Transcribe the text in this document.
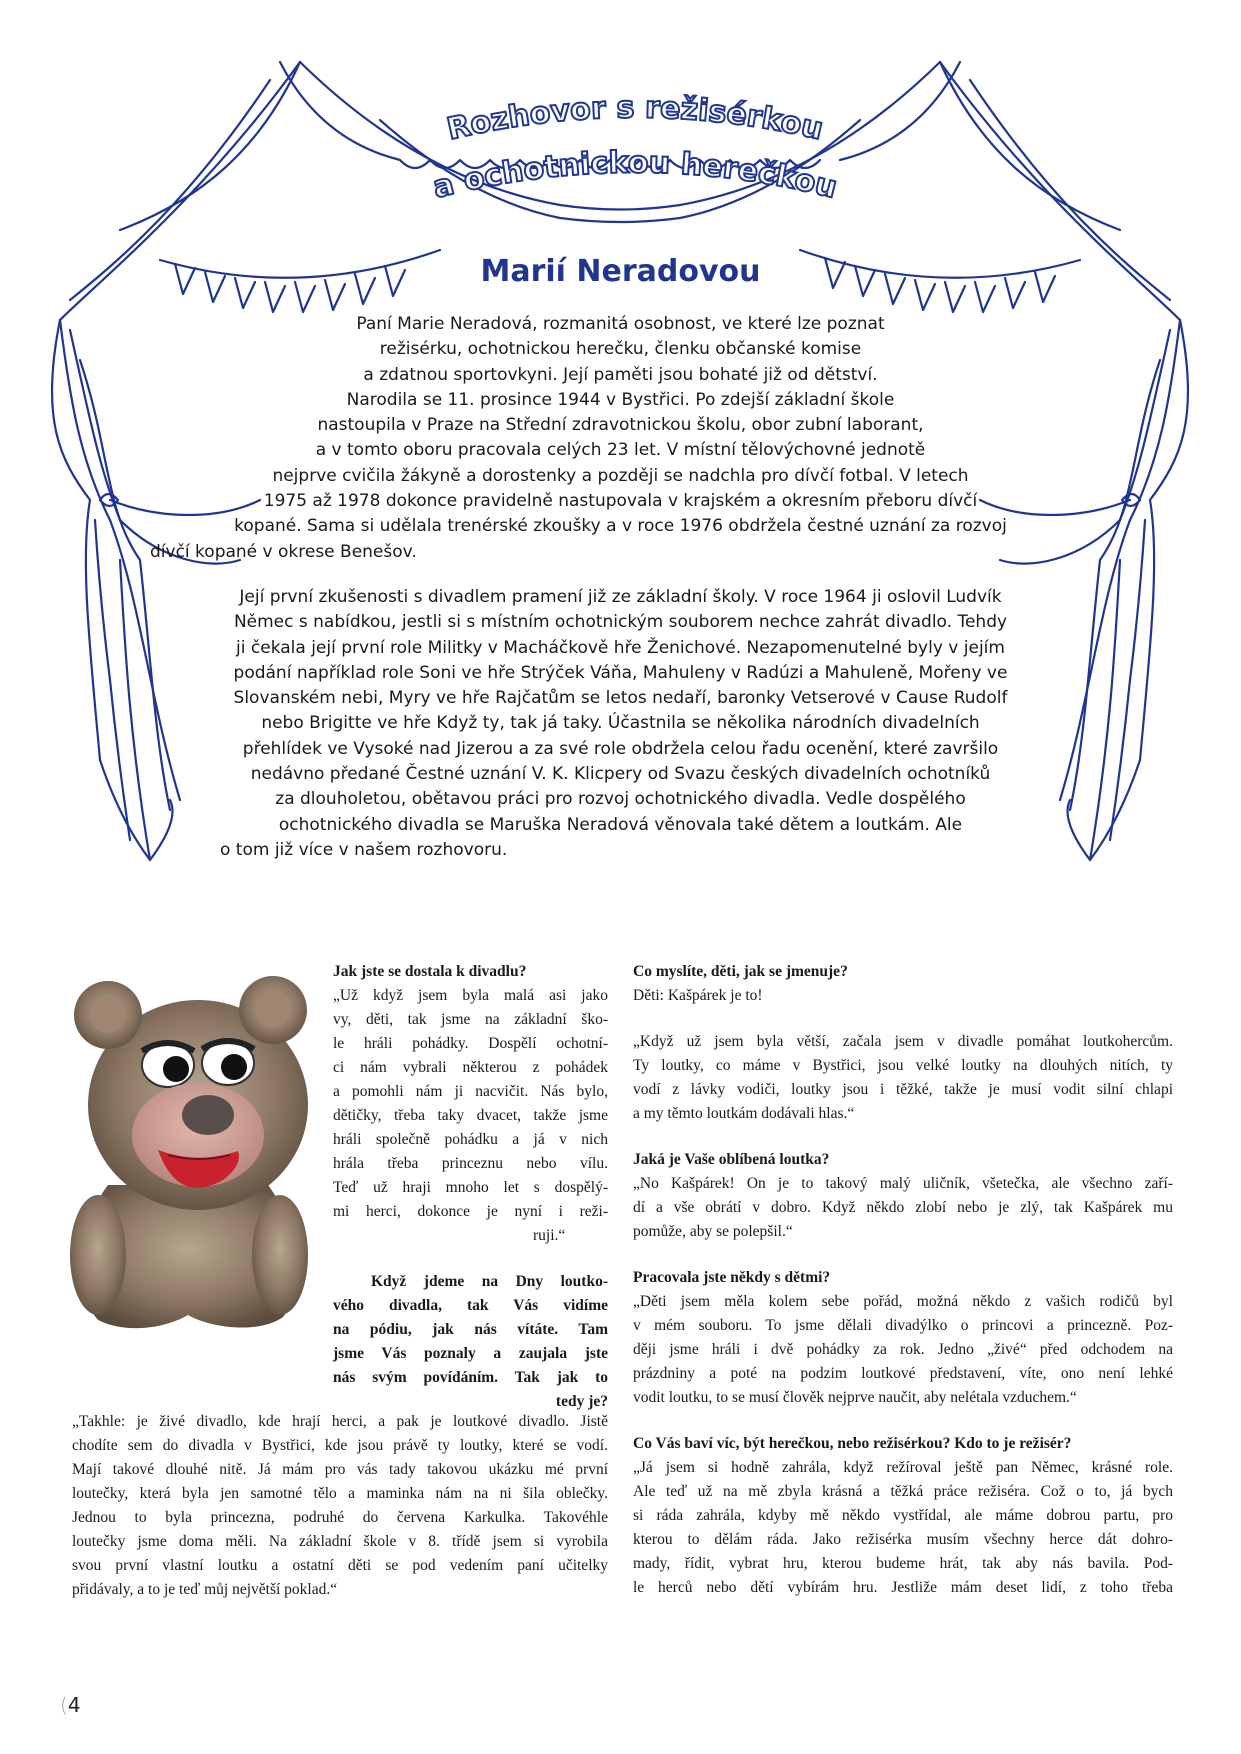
Rozhovor s režisérkou
a ochotnickou herečkou
Marií Neradovou
Paní Marie Neradová, rozmanitá osobnost, ve které lze poznat
režisérku, ochotnickou herečku, členku občanské komise
a zdatnou sportovkyni. Její paměti jsou bohaté již od dětství.
Narodila se 11. prosince 1944 v Bystřici. Po zdejší základní škole
nastoupila v Praze na Střední zdravotnickou školu, obor zubní laborant,
a v tomto oboru pracovala celých 23 let. V místní tělovýchovné jednotě
nejprve cvičila žákyně a dorostenky a později se nadchla pro dívčí fotbal. V letech
1975 až 1978 dokonce pravidelně nastupovala v krajském a okresním přeboru dívčí
kopané. Sama si udělala trenérské zkoušky a v roce 1976 obdržela čestné uznání za rozvoj
dívčí kopané v okrese Benešov.
Její první zkušenosti s divadlem pramení již ze základní školy. V roce 1964 ji oslovil Ludvík
Němec s nabídkou, jestli si s místním ochotnickým souborem nechce zahrát divadlo. Tehdy
ji čekala její první role Militky v Macháčkově hře Ženichové. Nezapomenutelné byly v jejím
podání například role Soni ve hře Strýček Váňa, Mahuleny v Radúzi a Mahuleně, Mořeny ve
Slovanském nebi, Myry ve hře Rajčatům se letos nedaří, baronky Vetserové v Cause Rudolf
nebo Brigitte ve hře Když ty, tak já taky. Účastnila se několika národních divadelních
přehlídek ve Vysoké nad Jizerou a za své role obdržela celou řadu ocenění, které završilo
nedávno předané Čestné uznání V. K. Klicpery od Svazu českých divadelních ochotníků
za dlouholetou, obětavou práci pro rozvoj ochotnického divadla. Vedle dospělého
ochotnického divadla se Maruška Neradová věnovala také dětem a loutkám. Ale
o tom již více v našem rozhovoru.

Jak jste se dostala k divadlu?

„Už když jsem byla malá asi jako

vy, děti, tak jsme na základní ško-

le hráli pohádky. Dospělí ochotní-

ci nám vybrali některou z pohádek

a pomohli nám ji nacvičit. Nás bylo,

dětičky, třeba taky dvacet, takže jsme

hráli společně pohádku a já v nich

hrála třeba princeznu nebo vílu.

Teď už hraji mnoho let s dospělý-

mi herci, dokonce je nyní i reži-

ruji.“

Když jdeme na Dny loutko-

vého divadla, tak Vás vidíme

na pódiu, jak nás vítáte. Tam

jsme Vás poznaly a zaujala jste

nás svým povídáním. Tak jak to

tedy je?

„Takhle: je živé divadlo, kde hrají herci, a pak je loutkové divadlo. Jistě

chodíte sem do divadla v Bystřici, kde jsou právě ty loutky, které se vodí.

Mají takové dlouhé nitě. Já mám pro vás tady takovou ukázku mé první

loutečky, která byla jen samotné tělo a maminka nám na ni šila oblečky.

Jednou to byla princezna, podruhé do červena Karkulka. Takovéhle

loutečky jsme doma měli. Na základní škole v 8. třídě jsem si vyrobila

svou první vlastní loutku a ostatní děti se pod vedením paní učitelky

přidávaly, a to je teď můj největší poklad.“

Co myslíte, děti, jak se jmenuje?

Děti: Kašpárek je to!

„Když už jsem byla větší, začala jsem v divadle pomáhat loutkohercům.

Ty loutky, co máme v Bystřici, jsou velké loutky na dlouhých nitích, ty

vodí z lávky vodiči, loutky jsou i těžké, takže je musí vodit silní chlapi

a my těmto loutkám dodávali hlas.“

Jaká je Vaše oblíbená loutka?

„No Kašpárek! On je to takový malý uličník, všetečka, ale všechno zaří-

dí a vše obrátí v dobro. Když někdo zlobí nebo je zlý, tak Kašpárek mu

pomůže, aby se polepšil.“

Pracovala jste někdy s dětmi?

„Děti jsem měla kolem sebe pořád, možná někdo z vašich rodičů byl

v mém souboru. To jsme dělali divadýlko o princovi a princezně. Poz-

ději jsme hráli i dvě pohádky za rok. Jedno „živé“ před odchodem na

prázdniny a poté na podzim loutkové představení, víte, ono není lehké

vodit loutku, to se musí člověk nejprve naučit, aby nelétala vzduchem.“

Co Vás baví víc, být herečkou, nebo režisérkou? Kdo to je režisér?

„Já jsem si hodně zahrála, když režíroval ještě pan Němec, krásné role.

Ale teď už na mě zbyla krásná a těžká práce režiséra. Což o to, já bych

si ráda zahrála, kdyby mě někdo vystřídal, ale máme dobrou partu, pro

kterou to dělám ráda. Jako režisérka musím všechny herce dát dohro-

mady, řídit, vybrat hru, kterou budeme hrát, tak aby nás bavila. Pod-

le herců nebo dětí vybírám hru. Jestliže mám deset lidí, z toho třeba

(4
